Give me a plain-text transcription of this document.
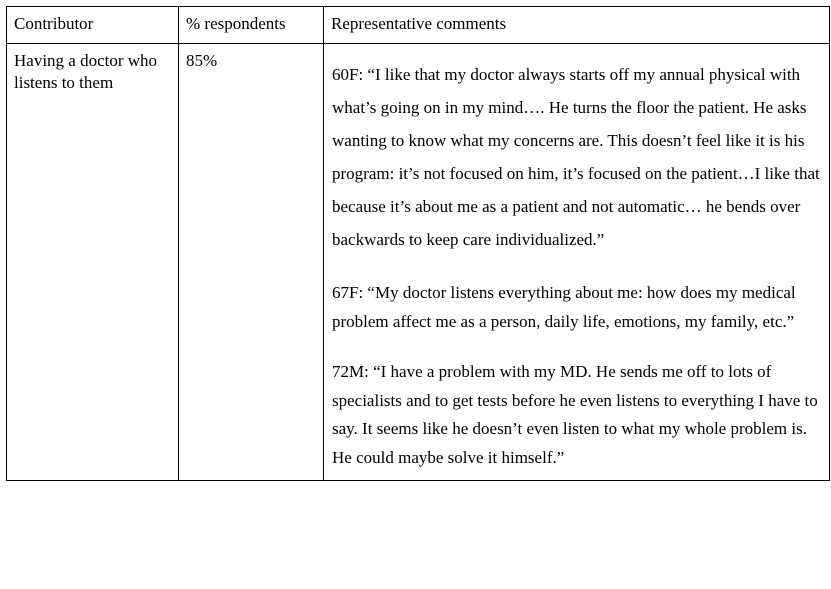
Contributor	% respondents	Representative comments

Having a doctor who listens to them	85%	60F: “I like that my doctor always starts off my annual physical with what’s going on in my mind…. He turns the floor the patient. He asks wanting to know what my concerns are. This doesn’t feel like it is his program: it’s not focused on him, it’s focused on the patient…I like that because it’s about me as a patient and not automatic… he bends over backwards to keep care individualized.”

67F: “My doctor listens everything about me: how does my medical problem affect me as a person, daily life, emotions, my family, etc.”

72M: “I have a problem with my MD. He sends me off to lots of specialists and to get tests before he even listens to everything I have to say. It seems like he doesn’t even listen to what my whole problem is. He could maybe solve it himself.”
